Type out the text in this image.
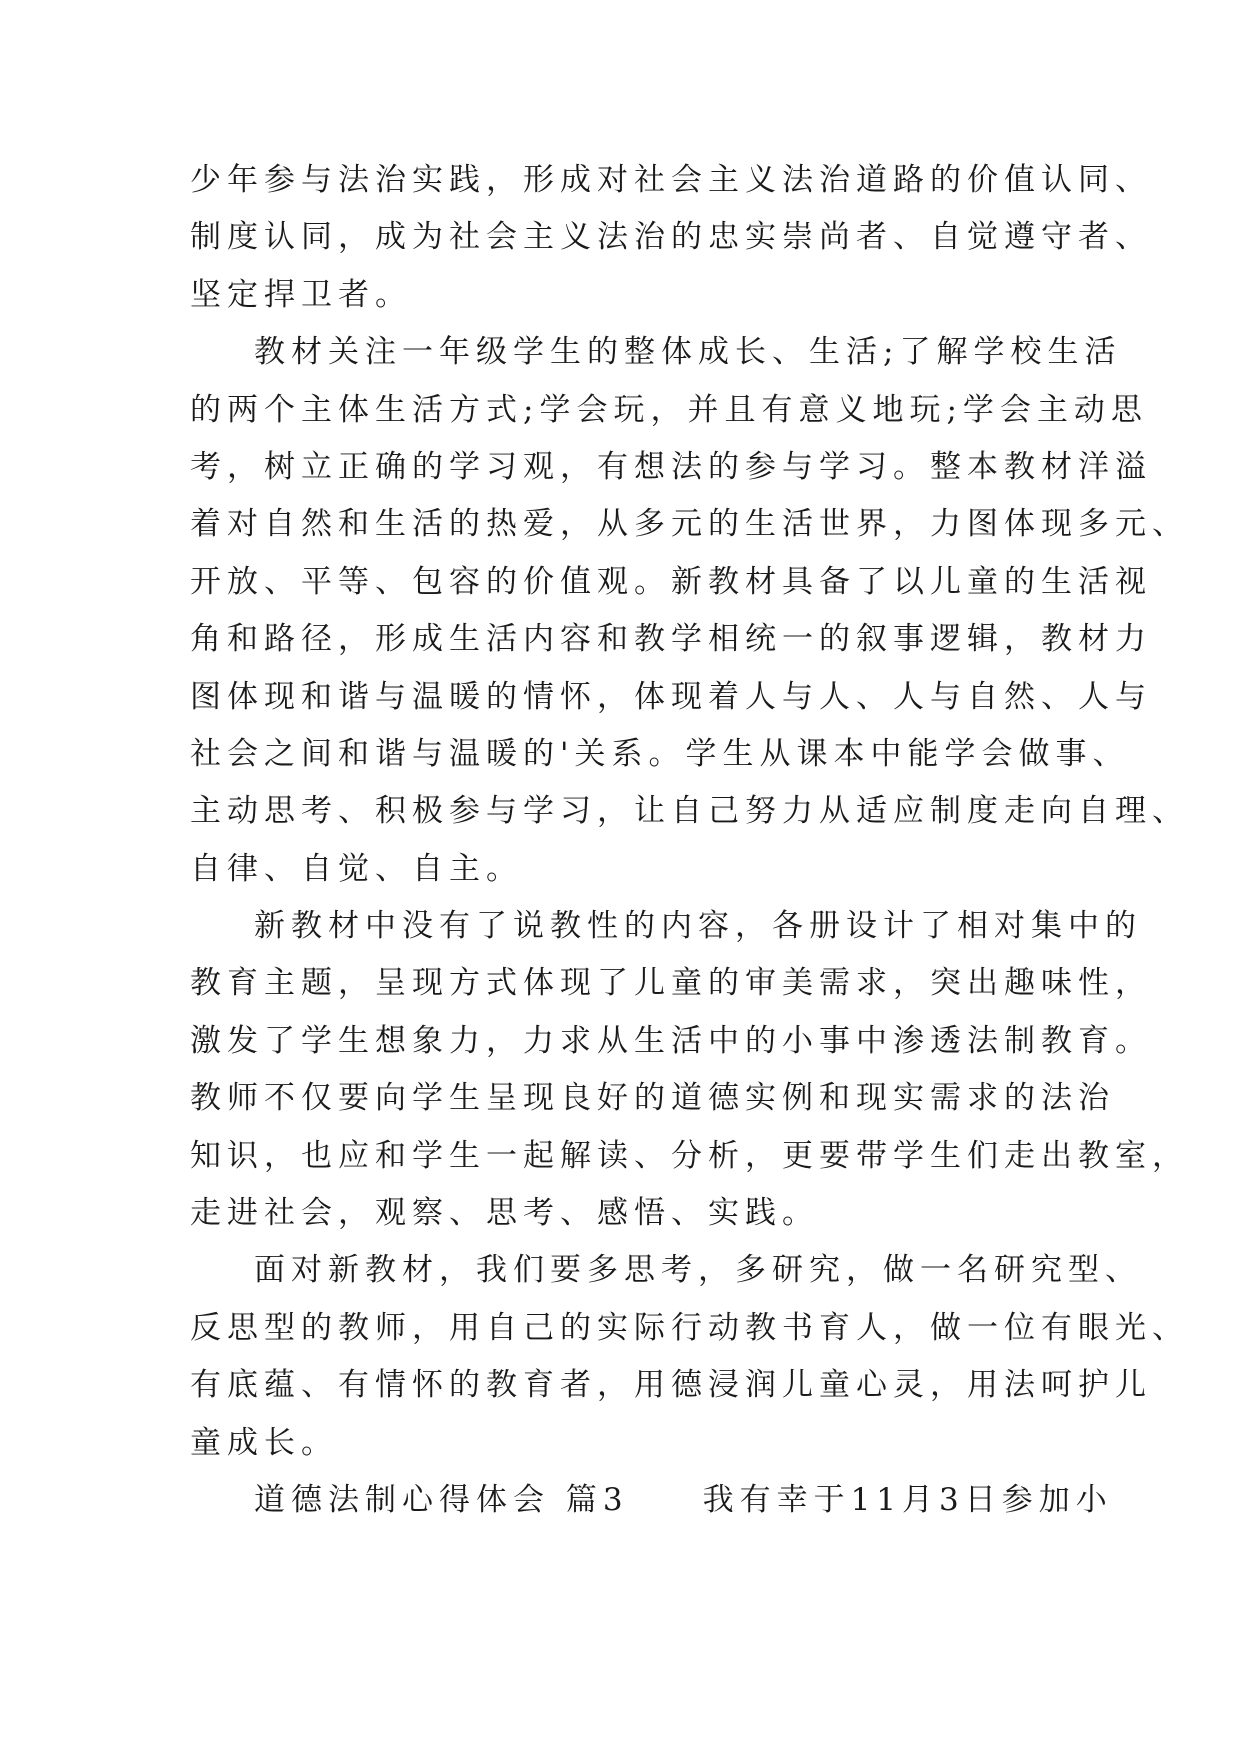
少年参与法治实践，形成对社会主义法治道路的价值认同、
制度认同，成为社会主义法治的忠实崇尚者、自觉遵守者、
坚定捍卫者。
教材关注一年级学生的整体成长、生活;了解学校生活
的两个主体生活方式;学会玩，并且有意义地玩;学会主动思
考，树立正确的学习观，有想法的参与学习。整本教材洋溢
着对自然和生活的热爱，从多元的生活世界，力图体现多元、
开放、平等、包容的价值观。新教材具备了以儿童的生活视
角和路径，形成生活内容和教学相统一的叙事逻辑，教材力
图体现和谐与温暖的情怀，体现着人与人、人与自然、人与
社会之间和谐与温暖的'关系。学生从课本中能学会做事、
主动思考、积极参与学习，让自己努力从适应制度走向自理、
自律、自觉、自主。
新教材中没有了说教性的内容，各册设计了相对集中的
教育主题，呈现方式体现了儿童的审美需求，突出趣味性，
激发了学生想象力，力求从生活中的小事中渗透法制教育。
教师不仅要向学生呈现良好的道德实例和现实需求的法治
知识，也应和学生一起解读、分析，更要带学生们走出教室，
走进社会，观察、思考、感悟、实践。
面对新教材，我们要多思考，多研究，做一名研究型、
反思型的教师，用自己的实际行动教书育人，做一位有眼光、
有底蕴、有情怀的教育者，用德浸润儿童心灵，用法呵护儿
童成长。
道德法制心得体会 篇3　　我有幸于11月3日参加小
